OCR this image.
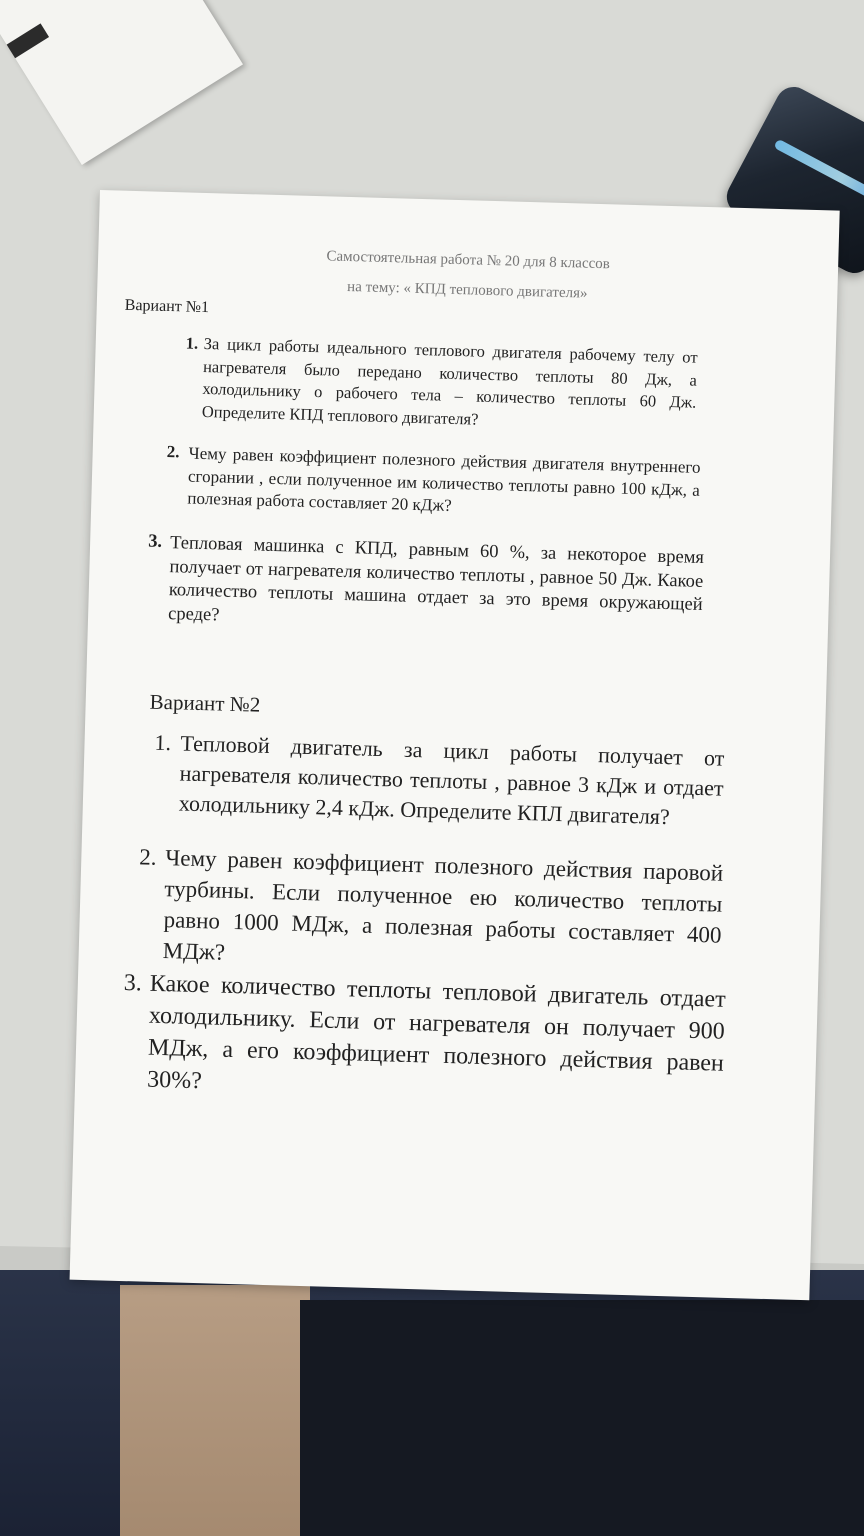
Самостоятельная работа № 20 для 8 классов
на тему: « КПД теплового двигателя»
Вариант №1
1. За цикл работы идеального теплового двигателя рабочему телу от нагревателя было передано количество теплоты 80 Дж, а холодильнику о рабочего тела – количество теплоты 60 Дж. Определите КПД теплового двигателя?
2. Чему равен коэффициент полезного действия двигателя внутреннего сгорании , если полученное им количество теплоты равно 100 кДж, а полезная работа составляет 20 кДж?
3. Тепловая машинка с КПД, равным 60 %, за некоторое время получает от нагревателя количество теплоты , равное 50 Дж. Какое количество теплоты машина отдает за это время окружающей среде?
Вариант №2
1. Тепловой двигатель за цикл работы получает от нагревателя количество теплоты , равное 3 кДж и отдает холодильнику 2,4 кДж. Определите КПЛ двигателя?
2. Чему равен коэффициент полезного действия паровой турбины. Если полученное ею количество теплоты равно 1000 МДж, а полезная работы составляет 400 МДж?
3. Какое количество теплоты тепловой двигатель отдает холодильнику. Если от нагревателя он получает 900 МДж, а его коэффициент полезного действия равен 30%?
